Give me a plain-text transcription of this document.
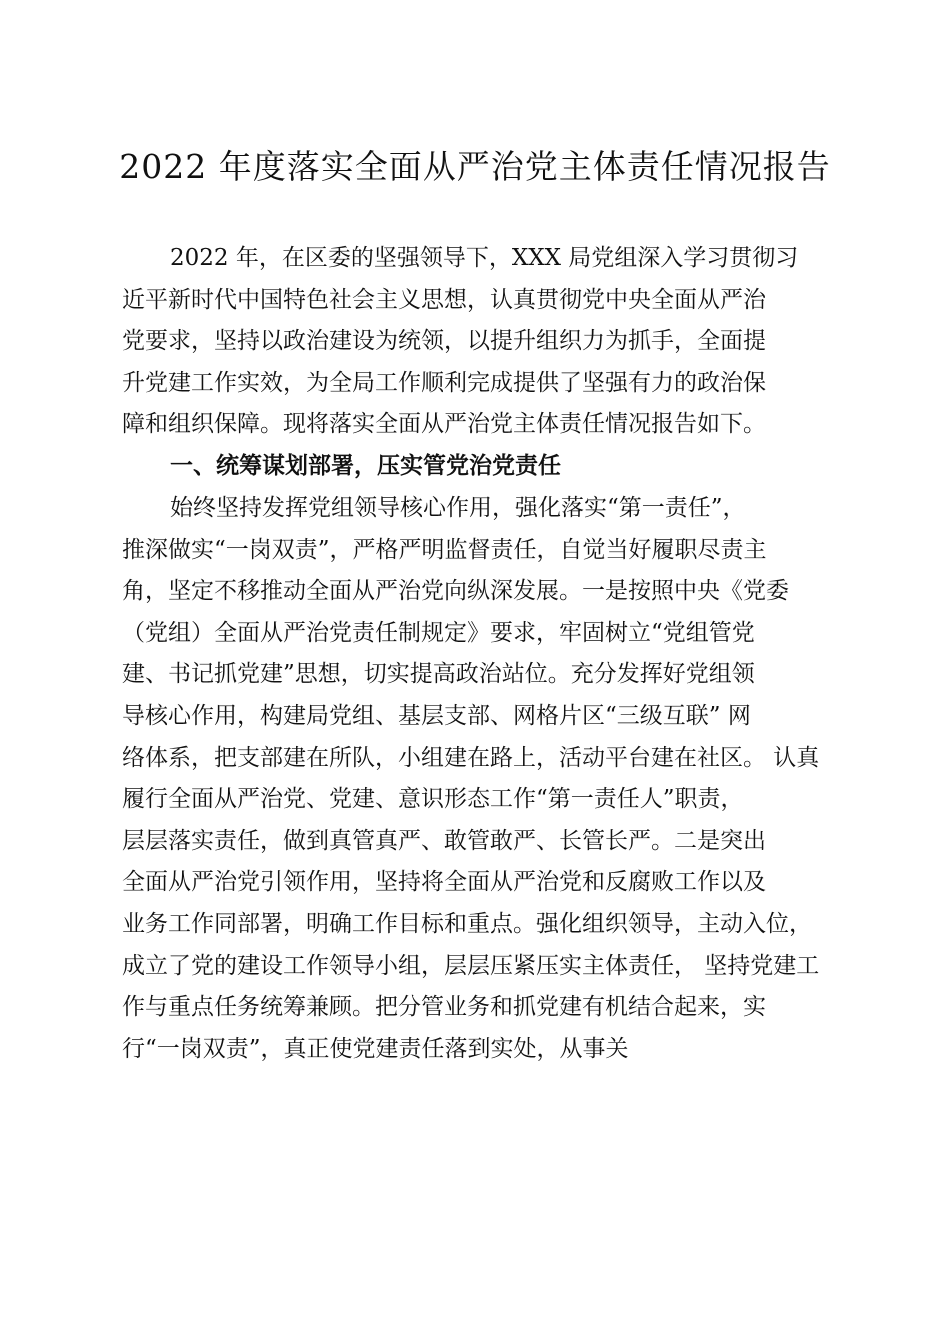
2022 年度落实全面从严治党主体责任情况报告
2022 年，在区委的坚强领导下，XXX 局党组深入学习贯彻习
近平新时代中国特色社会主义思想，认真贯彻党中央全面从严治
党要求，坚持以政治建设为统领，以提升组织力为抓手，全面提
升党建工作实效，为全局工作顺利完成提供了坚强有力的政治保
障和组织保障。现将落实全面从严治党主体责任情况报告如下。
一、统筹谋划部署，压实管党治党责任
始终坚持发挥党组领导核心作用，强化落实“第一责任”，
推深做实“一岗双责”，严格严明监督责任，自觉当好履职尽责主
角，坚定不移推动全面从严治党向纵深发展。一是按照中央《党委
（党组）全面从严治党责任制规定》要求，牢固树立“党组管党
建、书记抓党建”思想，切实提高政治站位。充分发挥好党组领
导核心作用，构建局党组、基层支部、网格片区“三级互联” 网
络体系，把支部建在所队，小组建在路上，活动平台建在社区。 认真
履行全面从严治党、党建、意识形态工作“第一责任人”职责，
层层落实责任，做到真管真严、敢管敢严、长管长严。二是突出
全面从严治党引领作用，坚持将全面从严治党和反腐败工作以及
业务工作同部署，明确工作目标和重点。强化组织领导，主动入位，
成立了党的建设工作领导小组，层层压紧压实主体责任， 坚持党建工
作与重点任务统筹兼顾。把分管业务和抓党建有机结合起来，实
行“一岗双责”，真正使党建责任落到实处，从事关
